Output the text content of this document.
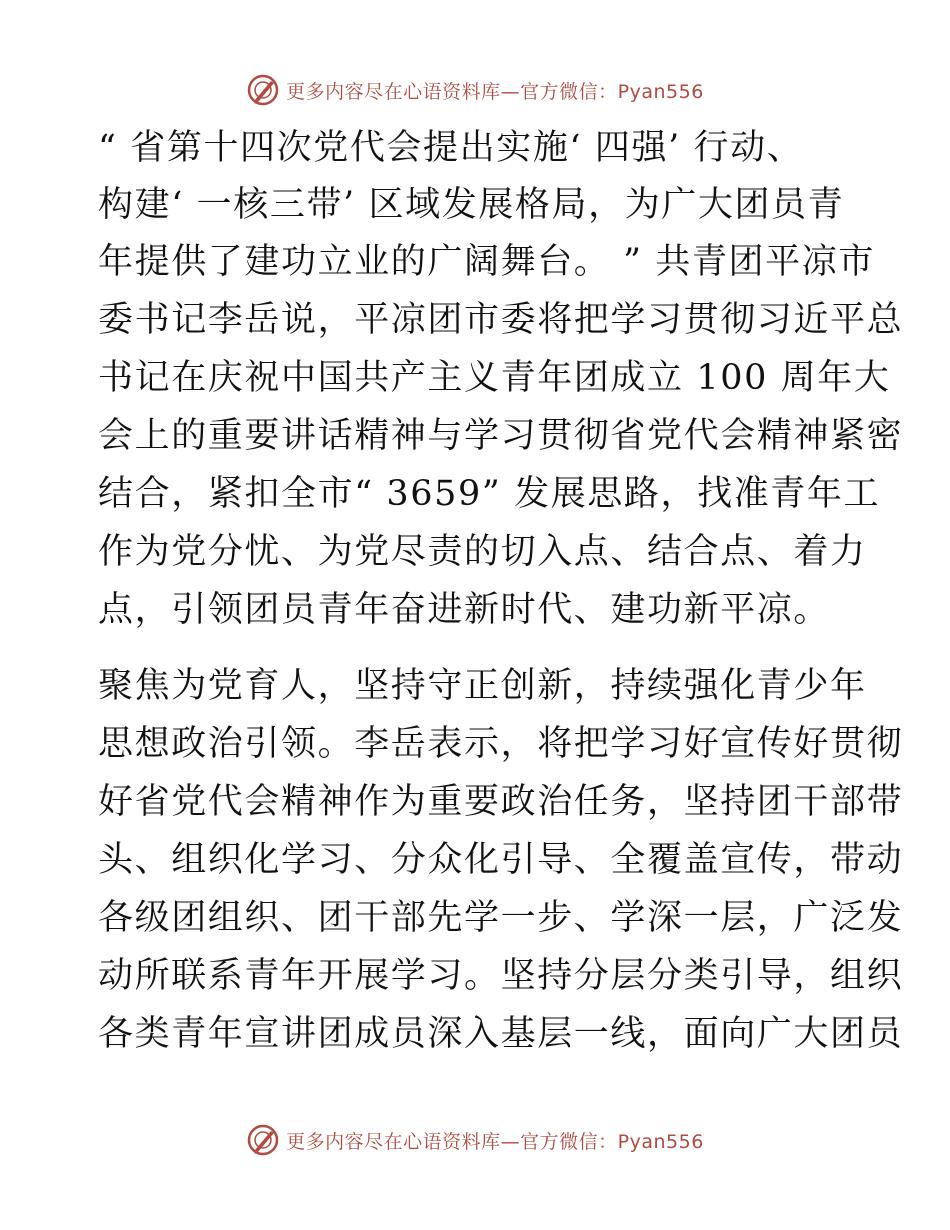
更多内容尽在心语资料库—官方微信：Pyan556
“ 省第十四次党代会提出实施‘ 四强’ 行动、
构建‘ 一核三带’ 区域发展格局，为广大团员青
年提供了建功立业的广阔舞台。 ” 共青团平凉市
委书记李岳说，平凉团市委将把学习贯彻习近平总
书记在庆祝中国共产主义青年团成立 100 周年大
会上的重要讲话精神与学习贯彻省党代会精神紧密
结合，紧扣全市“ 3659” 发展思路，找准青年工
作为党分忧、为党尽责的切入点、结合点、着力
点，引领团员青年奋进新时代、建功新平凉。
聚焦为党育人，坚持守正创新，持续强化青少年
思想政治引领。李岳表示，将把学习好宣传好贯彻
好省党代会精神作为重要政治任务，坚持团干部带
头、组织化学习、分众化引导、全覆盖宣传，带动
各级团组织、团干部先学一步、学深一层，广泛发
动所联系青年开展学习。坚持分层分类引导，组织
各类青年宣讲团成员深入基层一线，面向广大团员
更多内容尽在心语资料库—官方微信：Pyan556
